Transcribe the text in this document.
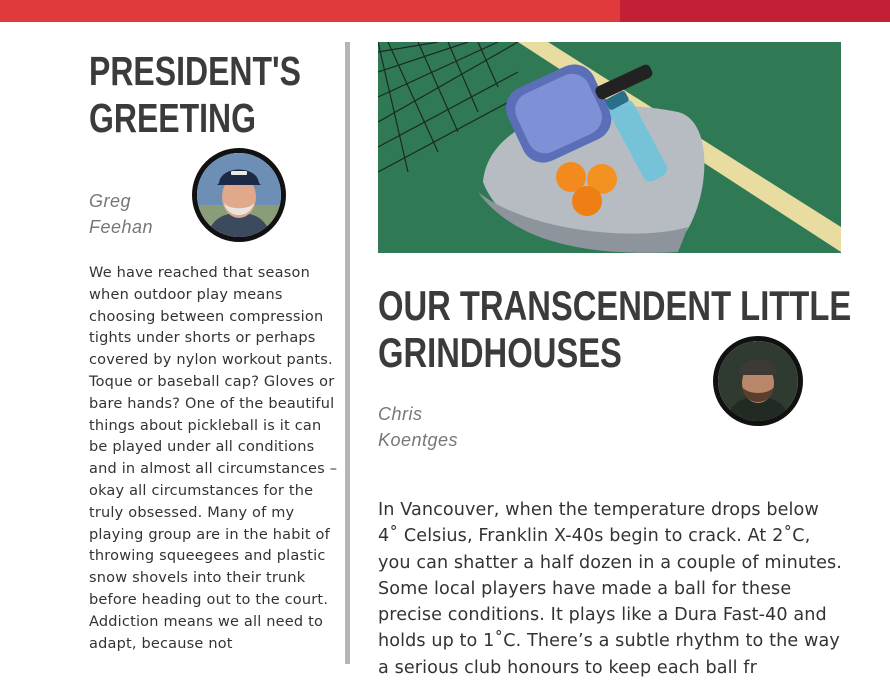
PRESIDENT'S
GREETING
Greg
Feehan
We have reached that season when outdoor play means choosing between compression tights under shorts or perhaps covered by nylon workout pants. Toque or baseball cap? Gloves or bare hands? One of the beautiful things about pickleball is it can be played under all conditions and in almost all circumstances – okay all circumstances for the truly obsessed. Many of my playing group are in the habit of throwing squeegees and plastic snow shovels into their trunk before heading out to the court. Addiction means we all need to adapt, because not
OUR TRANSCENDENT LITTLE
GRINDHOUSES
Chris
Koentges
In Vancouver, when the temperature drops below 4˚ Celsius, Franklin X-40s begin to crack. At 2˚C, you can shatter a half dozen in a couple of minutes. Some local players have made a ball for these precise conditions. It plays like a Dura Fast-40 and holds up to 1˚C. There’s a subtle rhythm to the way a serious club honours to keep each ball fr
